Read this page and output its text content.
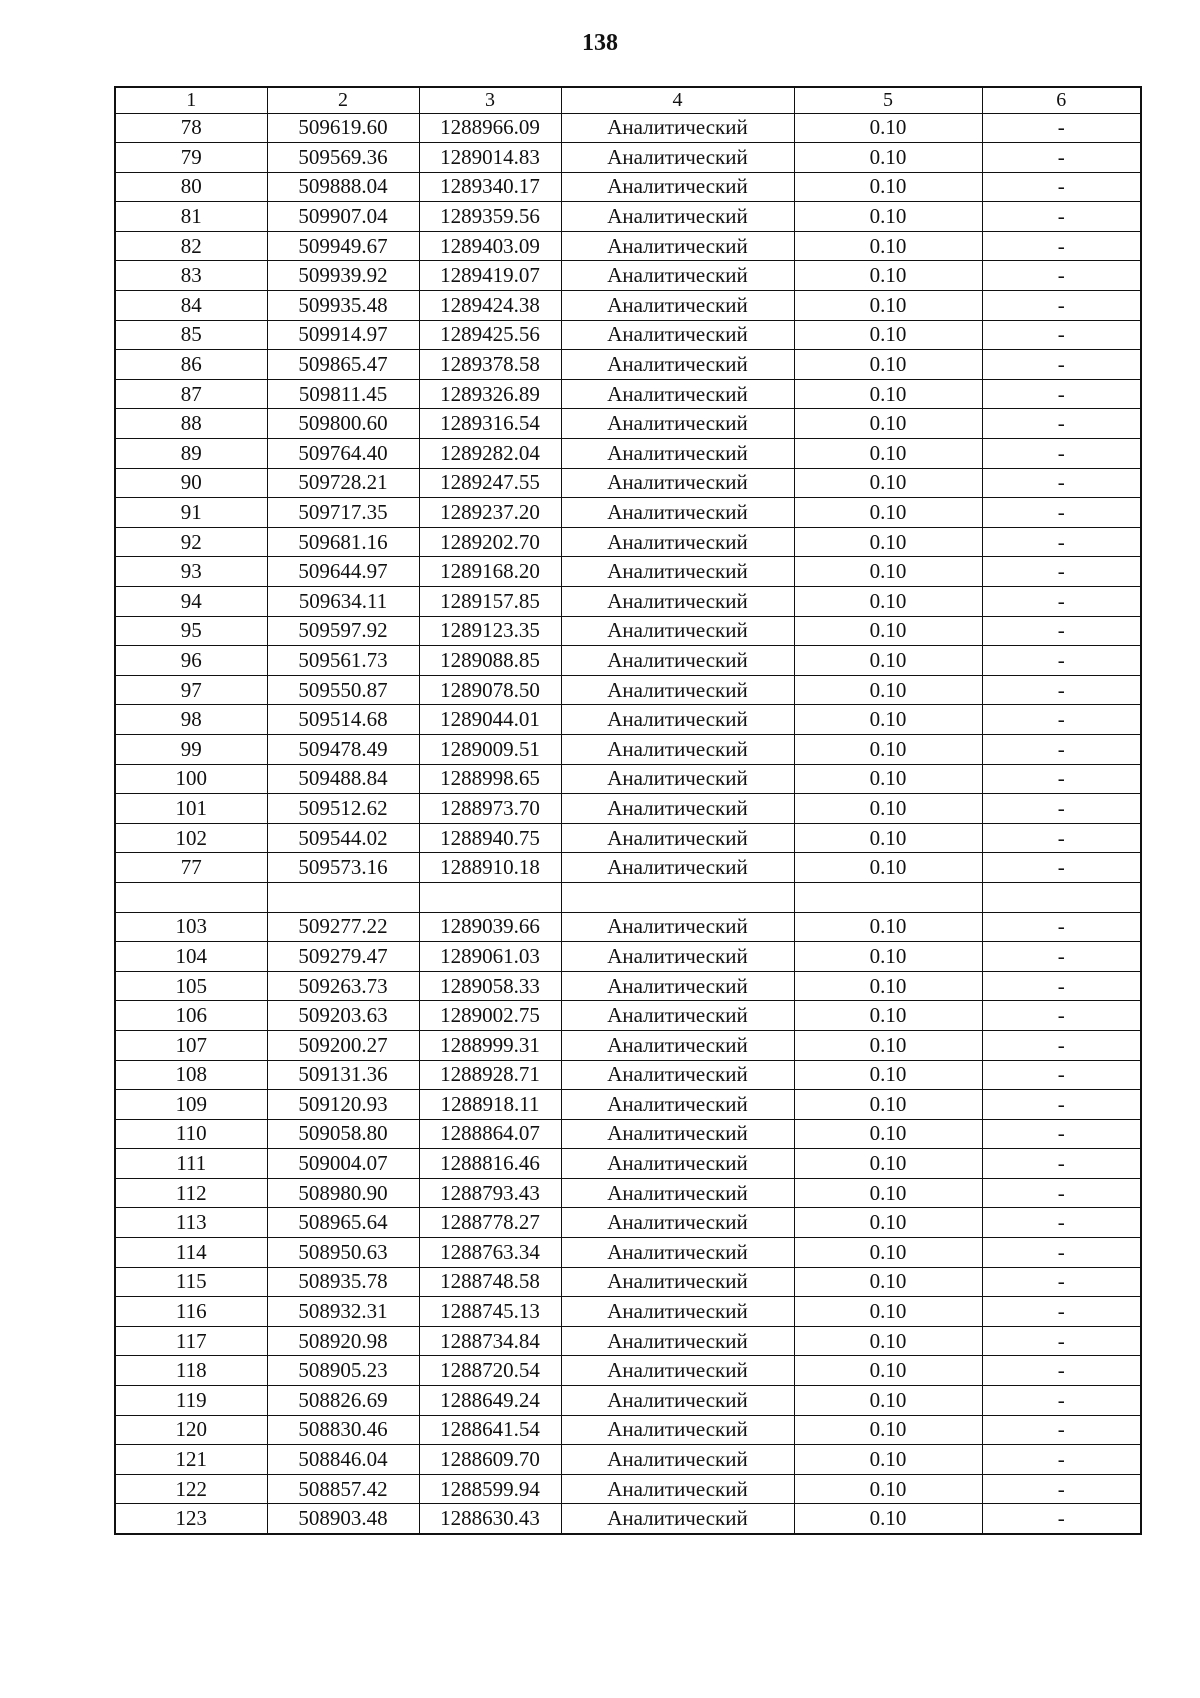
138
1	2	3	4	5	6
78	509619.60	1288966.09	Аналитический	0.10	-
79	509569.36	1289014.83	Аналитический	0.10	-
80	509888.04	1289340.17	Аналитический	0.10	-
81	509907.04	1289359.56	Аналитический	0.10	-
82	509949.67	1289403.09	Аналитический	0.10	-
83	509939.92	1289419.07	Аналитический	0.10	-
84	509935.48	1289424.38	Аналитический	0.10	-
85	509914.97	1289425.56	Аналитический	0.10	-
86	509865.47	1289378.58	Аналитический	0.10	-
87	509811.45	1289326.89	Аналитический	0.10	-
88	509800.60	1289316.54	Аналитический	0.10	-
89	509764.40	1289282.04	Аналитический	0.10	-
90	509728.21	1289247.55	Аналитический	0.10	-
91	509717.35	1289237.20	Аналитический	0.10	-
92	509681.16	1289202.70	Аналитический	0.10	-
93	509644.97	1289168.20	Аналитический	0.10	-
94	509634.11	1289157.85	Аналитический	0.10	-
95	509597.92	1289123.35	Аналитический	0.10	-
96	509561.73	1289088.85	Аналитический	0.10	-
97	509550.87	1289078.50	Аналитический	0.10	-
98	509514.68	1289044.01	Аналитический	0.10	-
99	509478.49	1289009.51	Аналитический	0.10	-
100	509488.84	1288998.65	Аналитический	0.10	-
101	509512.62	1288973.70	Аналитический	0.10	-
102	509544.02	1288940.75	Аналитический	0.10	-
77	509573.16	1288910.18	Аналитический	0.10	-

103	509277.22	1289039.66	Аналитический	0.10	-
104	509279.47	1289061.03	Аналитический	0.10	-
105	509263.73	1289058.33	Аналитический	0.10	-
106	509203.63	1289002.75	Аналитический	0.10	-
107	509200.27	1288999.31	Аналитический	0.10	-
108	509131.36	1288928.71	Аналитический	0.10	-
109	509120.93	1288918.11	Аналитический	0.10	-
110	509058.80	1288864.07	Аналитический	0.10	-
111	509004.07	1288816.46	Аналитический	0.10	-
112	508980.90	1288793.43	Аналитический	0.10	-
113	508965.64	1288778.27	Аналитический	0.10	-
114	508950.63	1288763.34	Аналитический	0.10	-
115	508935.78	1288748.58	Аналитический	0.10	-
116	508932.31	1288745.13	Аналитический	0.10	-
117	508920.98	1288734.84	Аналитический	0.10	-
118	508905.23	1288720.54	Аналитический	0.10	-
119	508826.69	1288649.24	Аналитический	0.10	-
120	508830.46	1288641.54	Аналитический	0.10	-
121	508846.04	1288609.70	Аналитический	0.10	-
122	508857.42	1288599.94	Аналитический	0.10	-
123	508903.48	1288630.43	Аналитический	0.10	-
